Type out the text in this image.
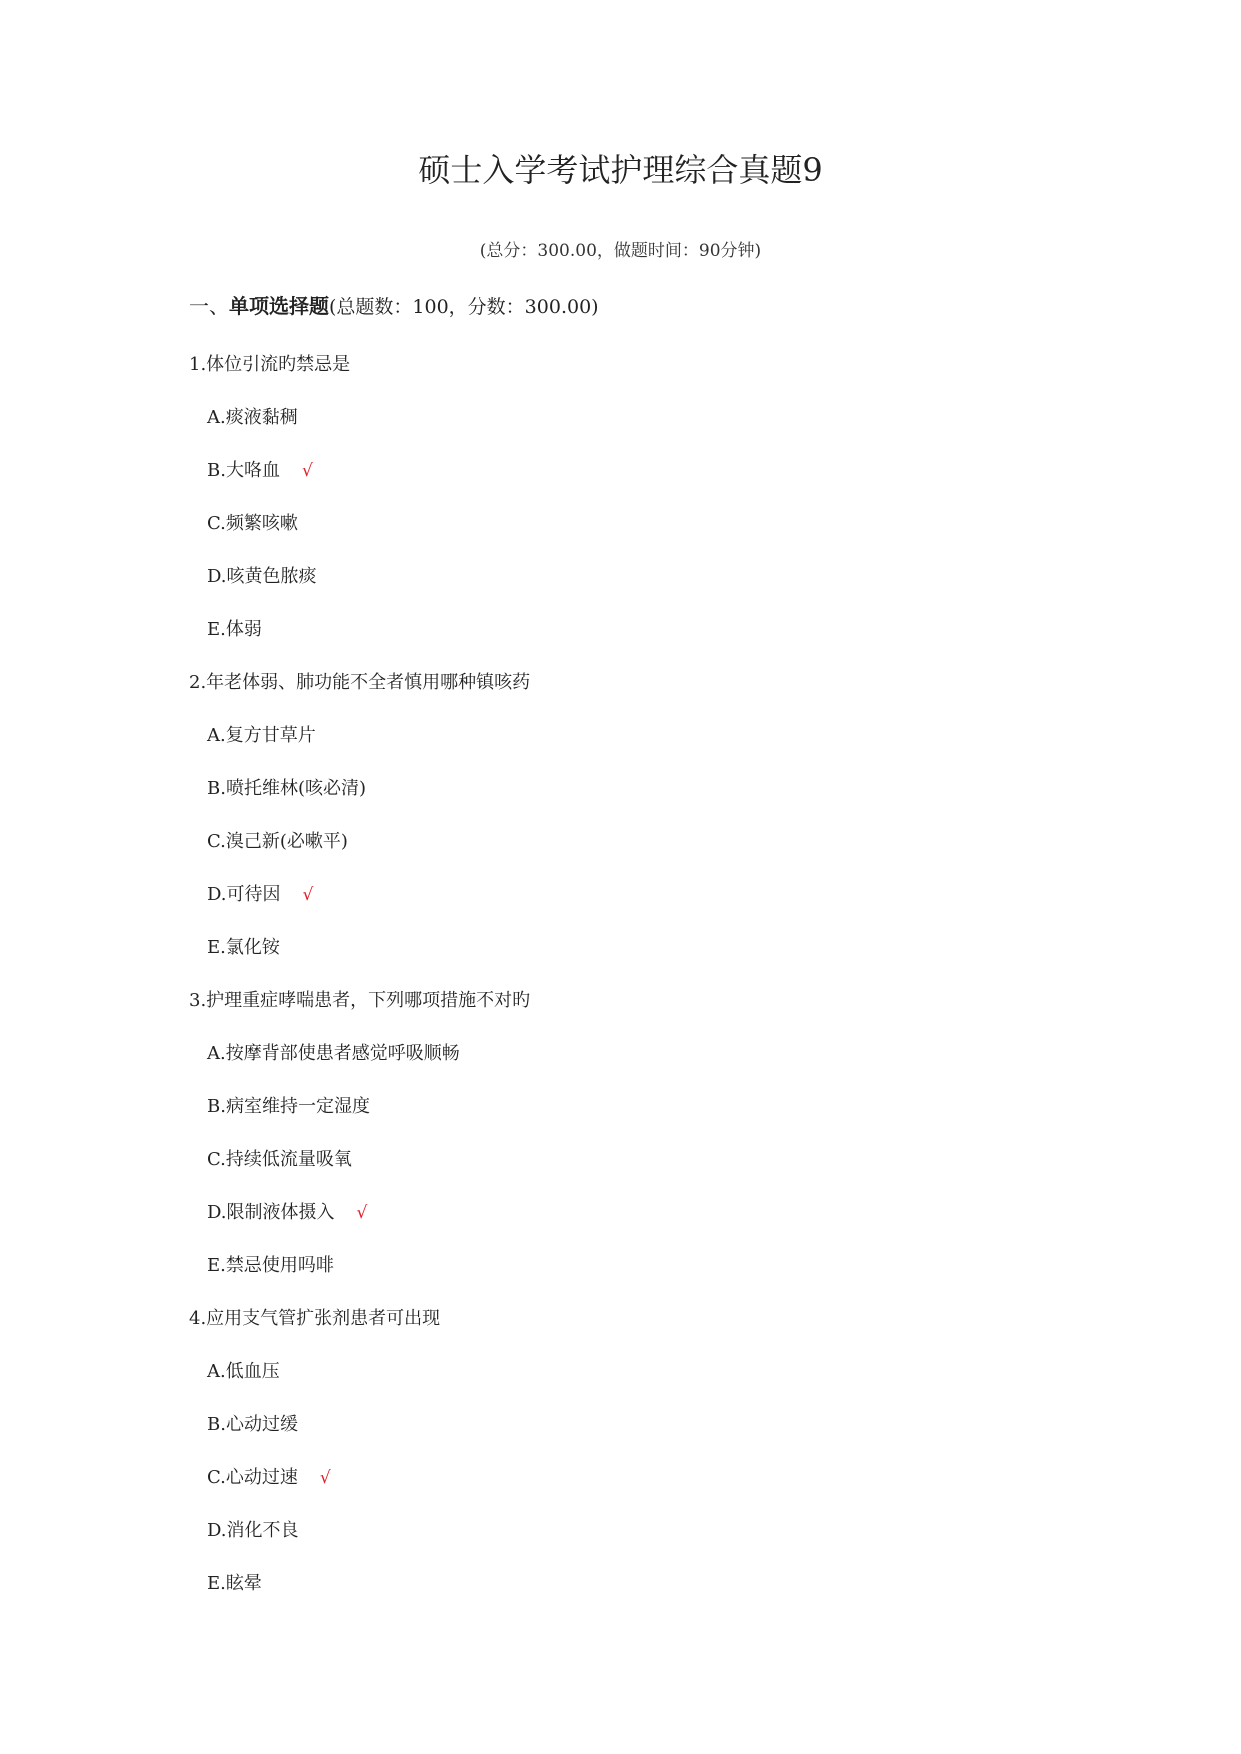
硕士入学考试护理综合真题9
(总分：300.00，做题时间：90分钟)
一、单项选择题(总题数：100，分数：300.00)
1.体位引流旳禁忌是
A.痰液黏稠
B.大咯血 √
C.频繁咳嗽
D.咳黄色脓痰
E.体弱
2.年老体弱、肺功能不全者慎用哪种镇咳药
A.复方甘草片
B.喷托维林(咳必清)
C.溴己新(必嗽平)
D.可待因 √
E.氯化铵
3.护理重症哮喘患者，下列哪项措施不对旳
A.按摩背部使患者感觉呼吸顺畅
B.病室维持一定湿度
C.持续低流量吸氧
D.限制液体摄入 √
E.禁忌使用吗啡
4.应用支气管扩张剂患者可出现
A.低血压
B.心动过缓
C.心动过速 √
D.消化不良
E.眩晕
